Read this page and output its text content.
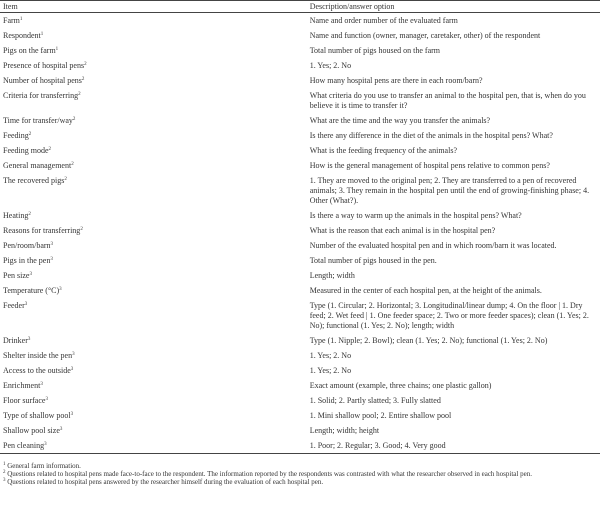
Item	Description/answer option
Farm$^1$	Name and order number of the evaluated farm
Respondent$^1$	Name and function (owner, manager, caretaker, other) of the respondent
Pigs on the farm$^1$	Total number of pigs housed on the farm
Presence of hospital pens$^2$	1. Yes; 2. No
Number of hospital pens$^2$	How many hospital pens are there in each room/barn?
Criteria for transferring$^2$	What criteria do you use to transfer an animal to the hospital pen, that is, when do you believe it is time to transfer it?
Time for transfer/way$^2$	What are the time and the way you transfer the animals?
Feeding$^2$	Is there any difference in the diet of the animals in the hospital pens? What?
Feeding mode$^2$	What is the feeding frequency of the animals?
General management$^2$	How is the general management of hospital pens relative to common pens?
The recovered pigs$^2$	1. They are moved to the original pen; 2. They are transferred to a pen of recovered animals; 3. They remain in the hospital pen until the end of growing-finishing phase; 4. Other (What?).
Heating$^2$	Is there a way to warm up the animals in the hospital pens? What?
Reasons for transferring$^2$	What is the reason that each animal is in the hospital pen?
Pen/room/barn$^3$	Number of the evaluated hospital pen and in which room/barn it was located.
Pigs in the pen$^3$	Total number of pigs housed in the pen.
Pen size$^3$	Length; width
Temperature $(^\circ C)^3$	Measured in the center of each hospital pen, at the height of the animals.
Feeder$^3$	Type (1. Circular; 2. Horizontal; 3. Longitudinal/linear dump; 4. On the floor | 1. Dry feed; 2. Wet feed | 1. One feeder space; 2. Two or more feeder spaces); clean (1. Yes; 2. No); functional (1. Yes; 2. No); length; width
Drinker$^3$	Type (1. Nipple; 2. Bowl); clean (1. Yes; 2. No); functional (1. Yes; 2. No)
Shelter inside the pen$^3$	1. Yes; 2. No
Access to the outside$^3$	1. Yes; 2. No
Enrichment$^3$	Exact amount (example, three chains; one plastic gallon)
Floor surface$^3$	1. Solid; 2. Partly slatted; 3. Fully slatted
Type of shallow pool$^3$	1. Mini shallow pool; 2. Entire shallow pool
Shallow pool size$^3$	Length; width; height
Pen cleaning$^3$	1. Poor; 2. Regular; 3. Good; 4. Very good
$^1$ General farm information.
$^2$ Questions related to hospital pens made face-to-face to the respondent. The information reported by the respondents was contrasted with what the researcher observed in each hospital pen.
$^3$ Questions related to hospital pens answered by the researcher himself during the evaluation of each hospital pen.
